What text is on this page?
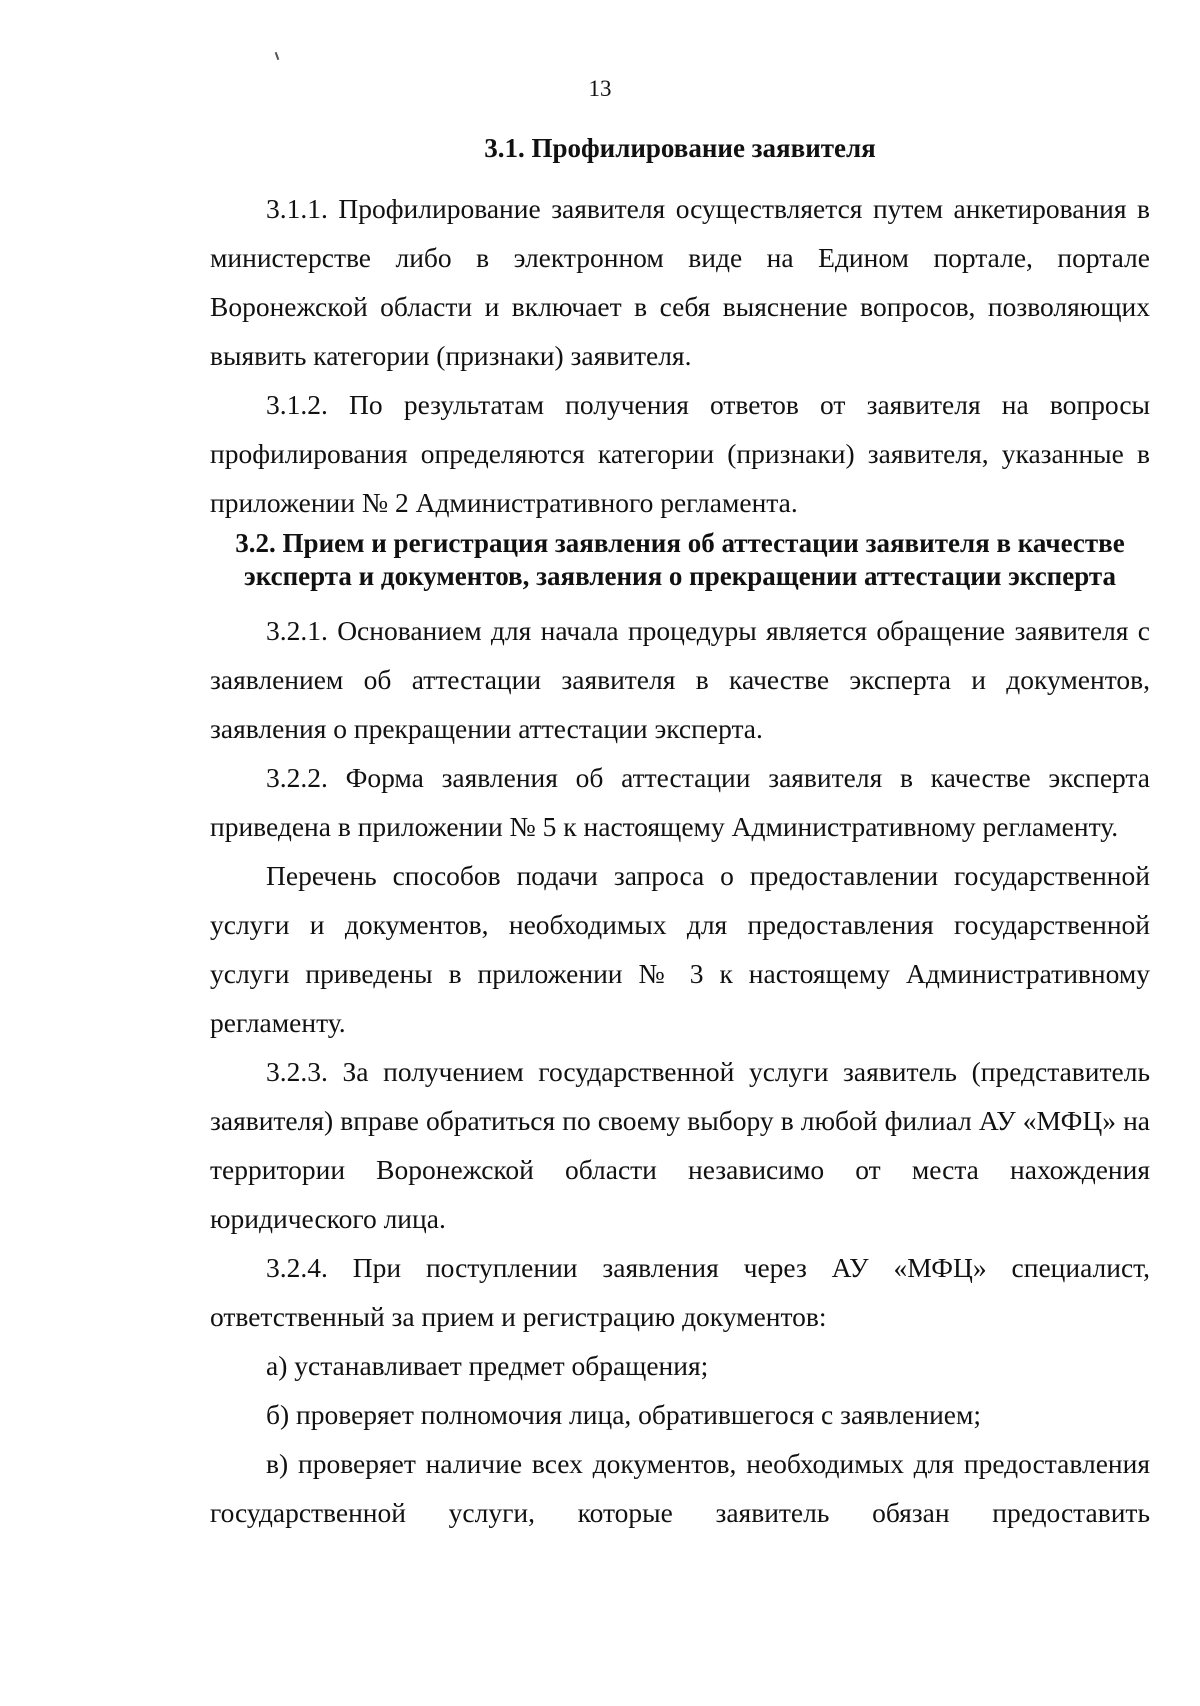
13
3.1. Профилирование заявителя

3.1.1. Профилирование заявителя осуществляется путем анкетирования в министерстве либо в электронном виде на Едином портале, портале Воронежской области и включает в себя выяснение вопросов, позволяющих выявить категории (признаки) заявителя.

3.1.2. По результатам получения ответов от заявителя на вопросы профилирования определяются категории (признаки) заявителя, указанные в приложении № 2 Административного регламента.

3.2. Прием и регистрация заявления об аттестации заявителя в качестве
эксперта и документов, заявления о прекращении аттестации эксперта

3.2.1. Основанием для начала процедуры является обращение заявителя с заявлением об аттестации заявителя в качестве эксперта и документов, заявления о прекращении аттестации эксперта.

3.2.2. Форма заявления об аттестации заявителя в качестве эксперта приведена в приложении № 5 к настоящему Административному регламенту.

Перечень способов подачи запроса о предоставлении государственной услуги и документов, необходимых для предоставления государственной услуги приведены в приложении № 3 к настоящему Административному регламенту.

3.2.3. За получением государственной услуги заявитель (представитель заявителя) вправе обратиться по своему выбору в любой филиал АУ «МФЦ» на территории Воронежской области независимо от места нахождения юридического лица.

3.2.4. При поступлении заявления через АУ «МФЦ» специалист, ответственный за прием и регистрацию документов:

а) устанавливает предмет обращения;

б) проверяет полномочия лица, обратившегося с заявлением;

в) проверяет наличие всех документов, необходимых для предоставления государственной услуги, которые заявитель обязан предоставить
